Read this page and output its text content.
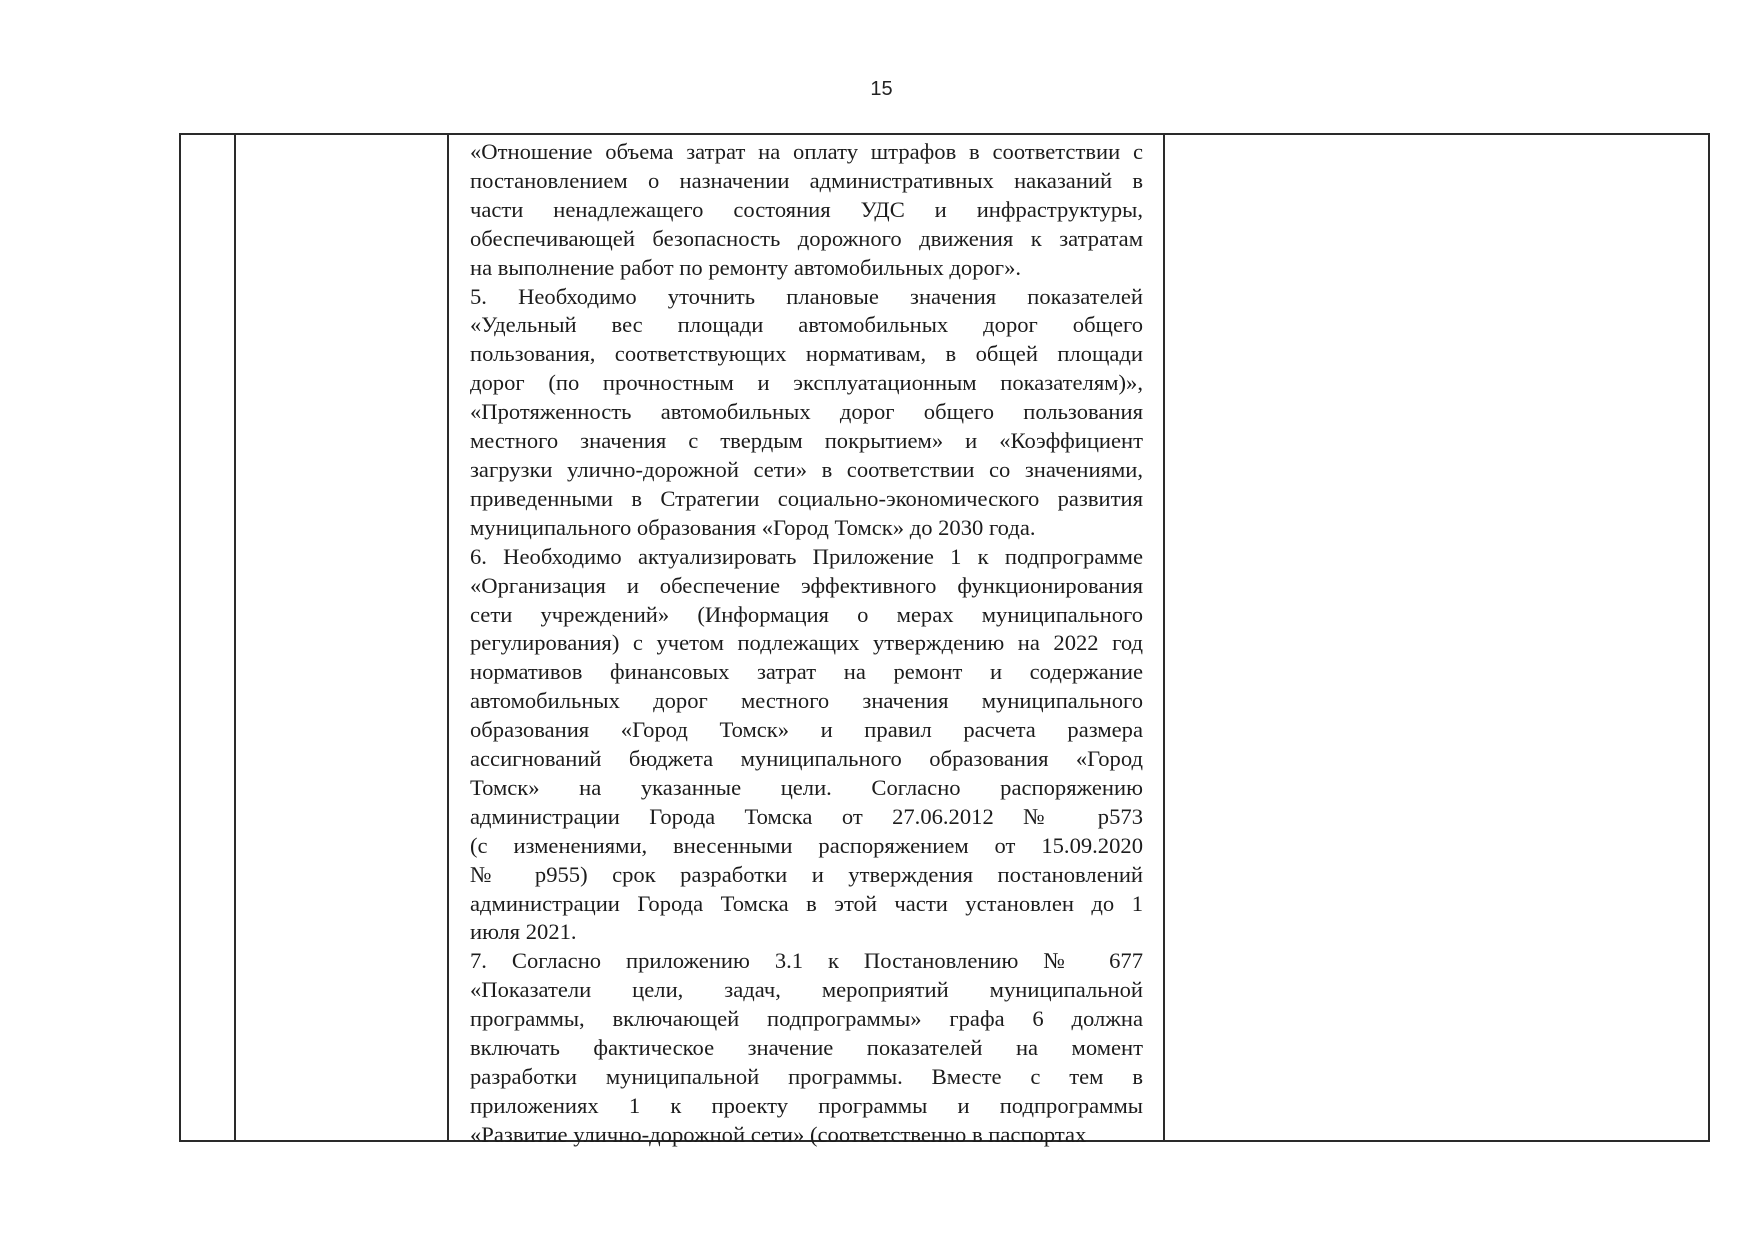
15

«Отношение объема затрат на оплату штрафов в соответствии с
постановлением о назначении административных наказаний в
части ненадлежащего состояния УДС и инфраструктуры,
обеспечивающей безопасность дорожного движения к затратам
на выполнение работ по ремонту автомобильных дорог».

5. Необходимо уточнить плановые значения показателей
«Удельный вес площади автомобильных дорог общего
пользования, соответствующих нормативам, в общей площади
дорог (по прочностным и эксплуатационным показателям)»,
«Протяженность автомобильных дорог общего пользования
местного значения с твердым покрытием» и «Коэффициент
загрузки улично-дорожной сети» в соответствии со значениями,
приведенными в Стратегии социально-экономического развития
муниципального образования «Город Томск» до 2030 года.

6. Необходимо актуализировать Приложение 1 к подпрограмме
«Организация и обеспечение эффективного функционирования
сети учреждений» (Информация о мерах муниципального
регулирования) с учетом подлежащих утверждению на 2022 год
нормативов финансовых затрат на ремонт и содержание
автомобильных дорог местного значения муниципального
образования «Город Томск» и правил расчета размера
ассигнований бюджета муниципального образования «Город
Томск» на указанные цели. Согласно распоряжению
администрации Города Томска от 27.06.2012 № р573
(с изменениями, внесенными распоряжением от 15.09.2020
№ р955) срок разработки и утверждения постановлений
администрации Города Томска в этой части установлен до 1
июля 2021.

7. Согласно приложению 3.1 к Постановлению № 677
«Показатели цели, задач, мероприятий муниципальной
программы, включающей подпрограммы» графа 6 должна
включать фактическое значение показателей на момент
разработки муниципальной программы. Вместе с тем в
приложениях 1 к проекту программы и подпрограммы
«Развитие улично-дорожной сети» (соответственно в паспортах
